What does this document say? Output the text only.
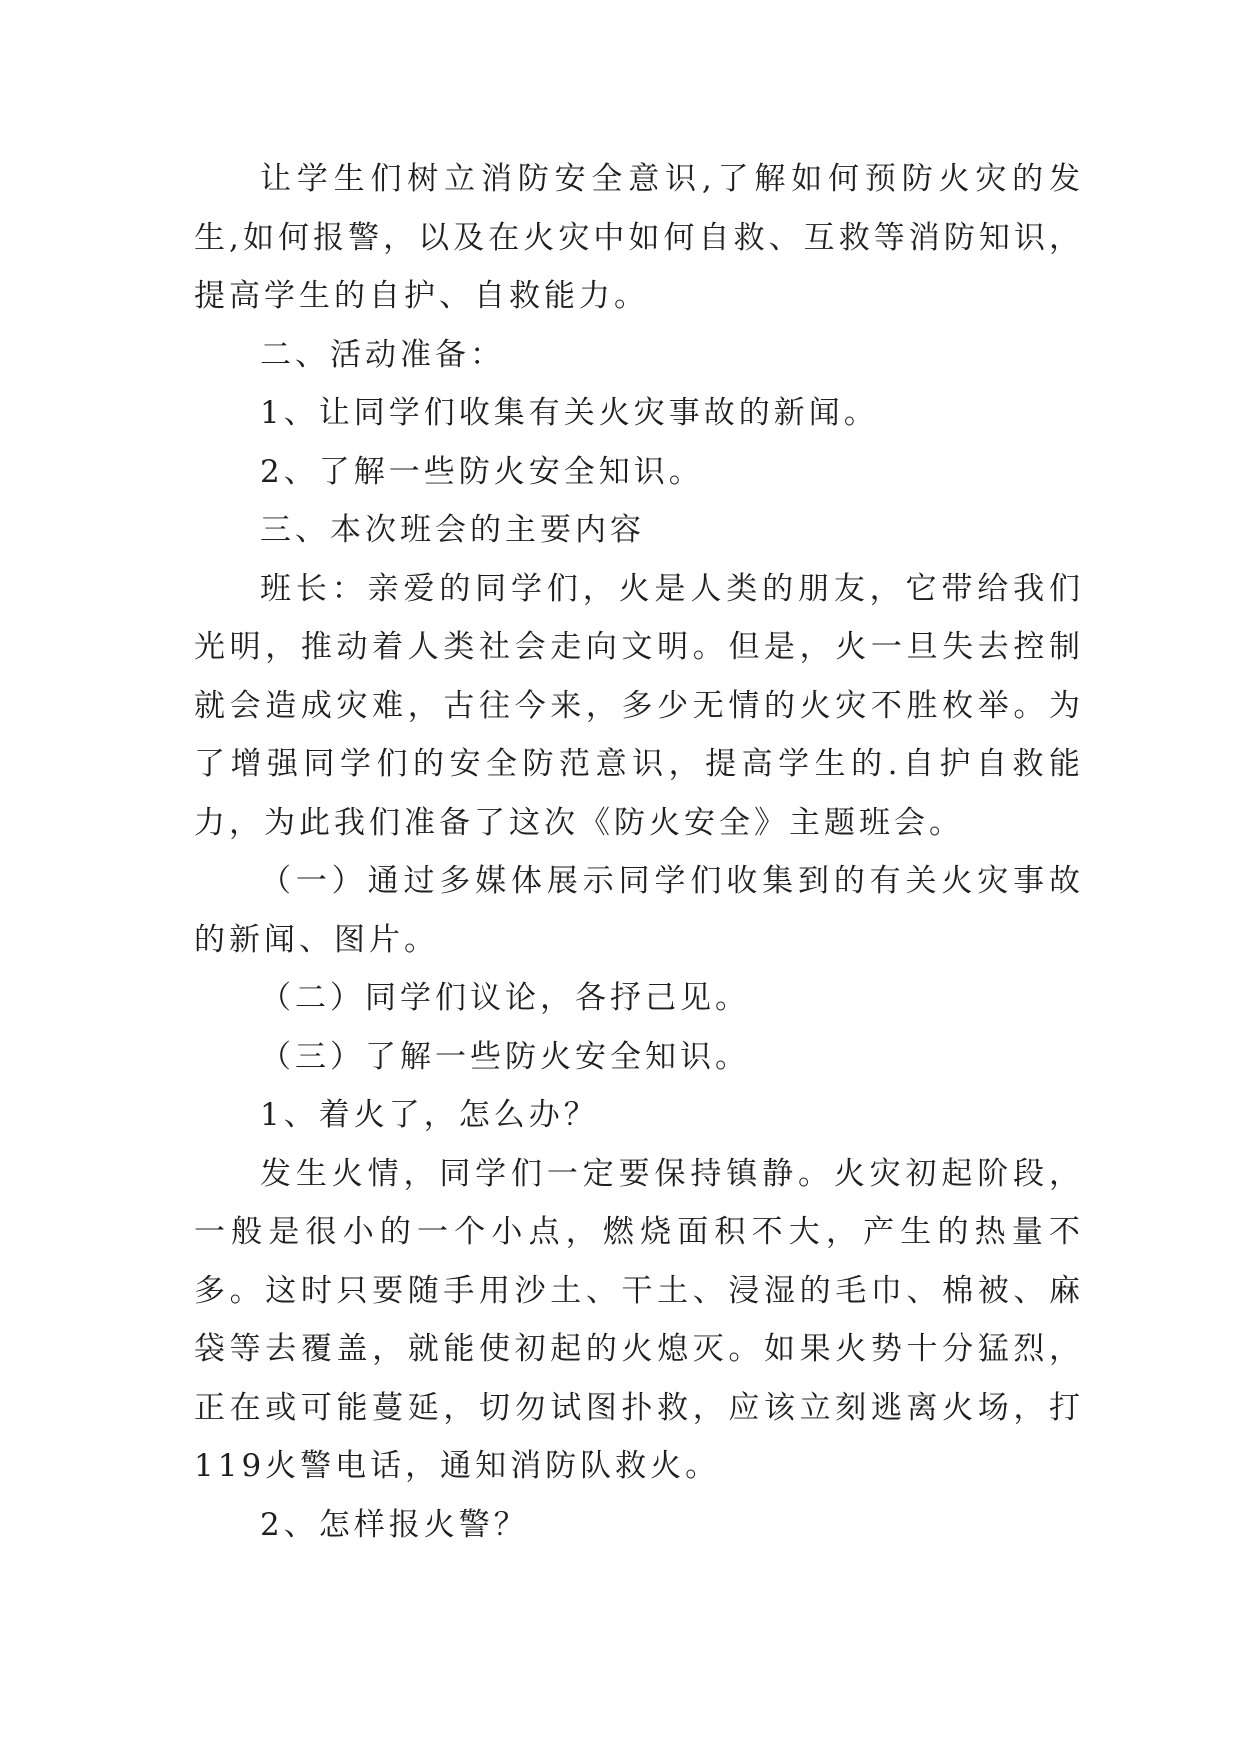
让学生们树立消防安全意识,了解如何预防火灾的发生,如何报警，以及在火灾中如何自救、互救等消防知识，提高学生的自护、自救能力。

二、活动准备：

1、让同学们收集有关火灾事故的新闻。

2、了解一些防火安全知识。

三、本次班会的主要内容

班长：亲爱的同学们，火是人类的朋友，它带给我们光明，推动着人类社会走向文明。但是，火一旦失去控制就会造成灾难，古往今来，多少无情的火灾不胜枚举。为了增强同学们的安全防范意识，提高学生的.自护自救能力，为此我们准备了这次《防火安全》主题班会。

（一）通过多媒体展示同学们收集到的有关火灾事故的新闻、图片。

（二）同学们议论，各抒己见。

（三）了解一些防火安全知识。

1、着火了，怎么办？

发生火情，同学们一定要保持镇静。火灾初起阶段，一般是很小的一个小点，燃烧面积不大，产生的热量不多。这时只要随手用沙土、干土、浸湿的毛巾、棉被、麻袋等去覆盖，就能使初起的火熄灭。如果火势十分猛烈，正在或可能蔓延，切勿试图扑救，应该立刻逃离火场，打119火警电话，通知消防队救火。

2、怎样报火警？
